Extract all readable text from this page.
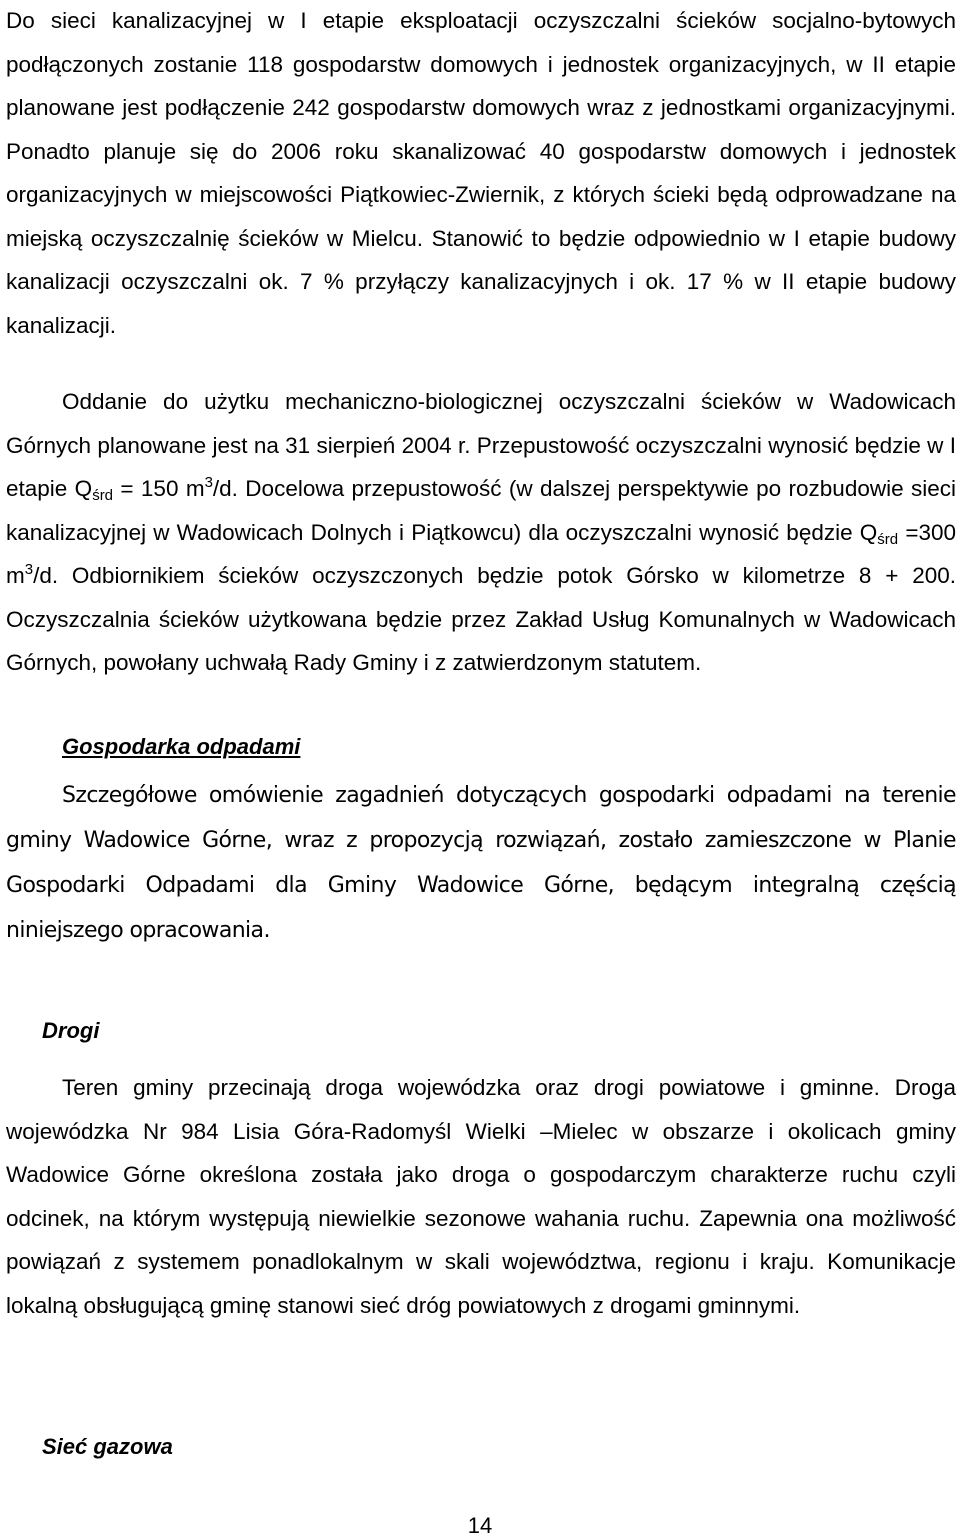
Do sieci kanalizacyjnej w I etapie eksploatacji oczyszczalni ścieków socjalno-bytowych podłączonych zostanie 118 gospodarstw domowych i jednostek organizacyjnych, w II etapie planowane jest podłączenie 242 gospodarstw domowych wraz z jednostkami organizacyjnymi. Ponadto planuje się do 2006 roku skanalizować 40 gospodarstw domowych i jednostek organizacyjnych w miejscowości Piątkowiec-Zwiernik, z których ścieki będą odprowadzane na miejską oczyszczalnię ścieków w Mielcu. Stanowić to będzie odpowiednio w I etapie budowy kanalizacji oczyszczalni ok. 7 % przyłączy kanalizacyjnych i ok. 17 % w II etapie budowy kanalizacji.

Oddanie do użytku mechaniczno-biologicznej oczyszczalni ścieków w Wadowicach Górnych planowane jest na 31 sierpień 2004 r. Przepustowość oczyszczalni wynosić będzie w I etapie $Q_{śrd} = 150$ $m^3/d$. Docelowa przepustowość (w dalszej perspektywie po rozbudowie sieci kanalizacyjnej w Wadowicach Dolnych i Piątkowcu) dla oczyszczalni wynosić będzie $Q_{śrd} =300$ $m^3/d$. Odbiornikiem ścieków oczyszczonych będzie potok Górsko w kilometrze 8 + 200. Oczyszczalnia ścieków użytkowana będzie przez Zakład Usług Komunalnych w Wadowicach Górnych, powołany uchwałą Rady Gminy i z zatwierdzonym statutem.

Gospodarka odpadami

Szczegółowe omówienie zagadnień dotyczących gospodarki odpadami na terenie gminy Wadowice Górne, wraz z propozycją rozwiązań, zostało zamieszczone w Planie Gospodarki Odpadami dla Gminy Wadowice Górne, będącym integralną częścią niniejszego opracowania.

Drogi

Teren gminy przecinają droga wojewódzka oraz drogi powiatowe i gminne. Droga wojewódzka Nr 984 Lisia Góra-Radomyśl Wielki –Mielec w obszarze i okolicach gminy Wadowice Górne określona została jako droga o gospodarczym charakterze ruchu czyli odcinek, na którym występują niewielkie sezonowe wahania ruchu. Zapewnia ona możliwość powiązań z systemem ponadlokalnym w skali województwa, regionu i kraju. Komunikacje lokalną obsługującą gminę stanowi sieć dróg powiatowych z drogami gminnymi.

Sieć gazowa

14
